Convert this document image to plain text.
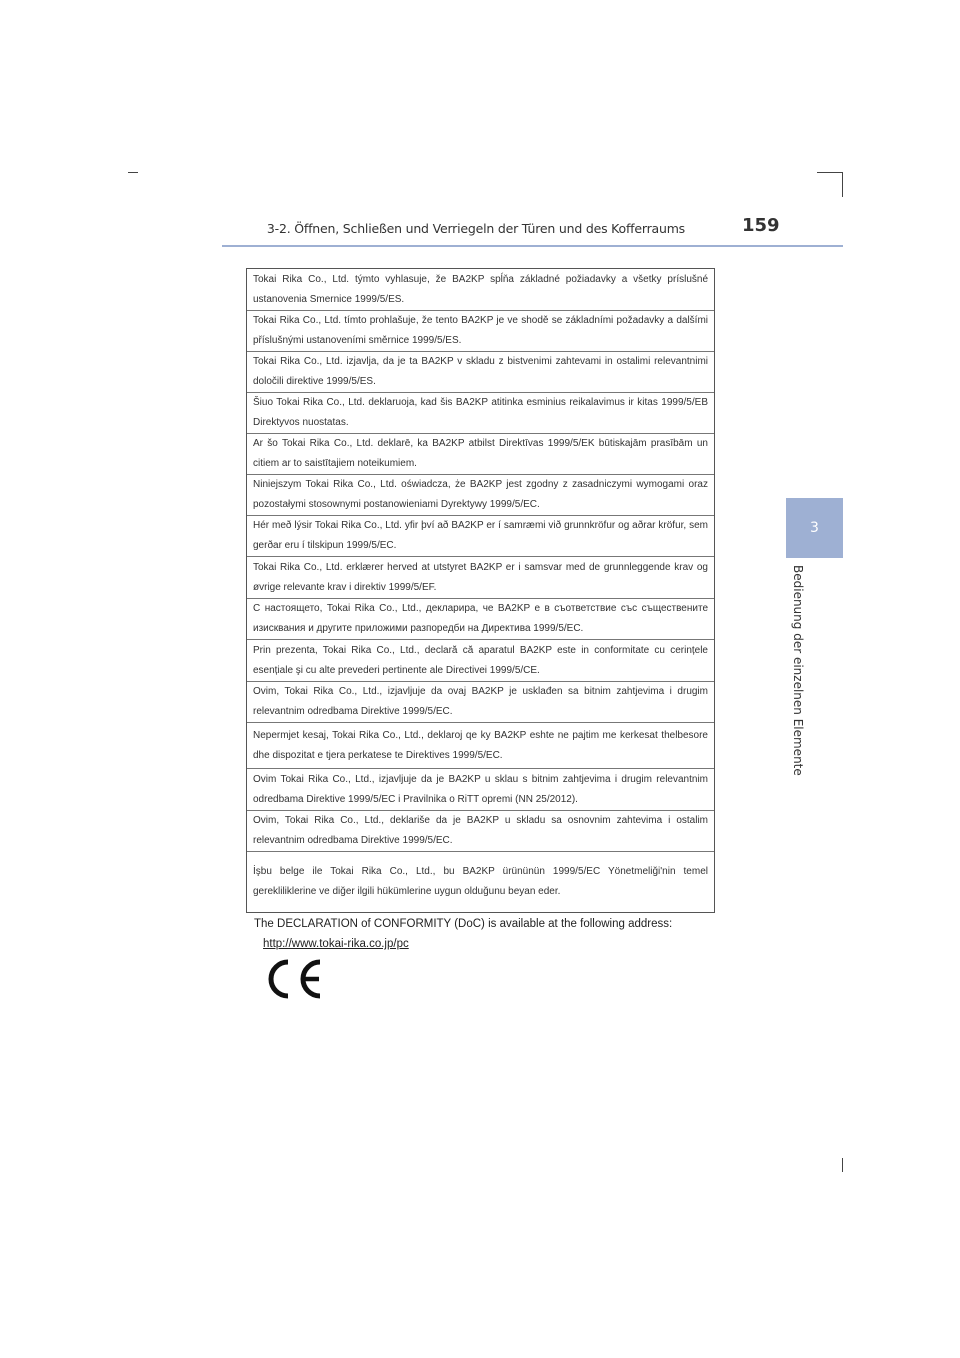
3-2. Öffnen, Schließen und Verriegeln der Türen und des Kofferraums	159
3
Bedienung der einzelnen Elemente
Tokai Rika Co., Ltd. týmto vyhlasuje, že BA2KP spĺňa základné požiadavky a všetky príslušné ustanovenia Smernice 1999/5/ES.
Tokai Rika Co., Ltd. tímto prohlašuje, že tento BA2KP je ve shodě se základními požadavky a dalšími příslušnými ustanoveními směrnice 1999/5/ES.
Tokai Rika Co., Ltd. izjavlja, da je ta BA2KP v skladu z bistvenimi zahtevami in ostalimi relevantnimi določili direktive 1999/5/ES.
Šiuo Tokai Rika Co., Ltd. deklaruoja, kad šis BA2KP atitinka esminius reikalavimus ir kitas 1999/5/EB Direktyvos nuostatas.
Ar šo Tokai Rika Co., Ltd. deklarē, ka BA2KP atbilst Direktīvas 1999/5/EK būtiskajām prasībām un citiem ar to saistītajiem noteikumiem.
Niniejszym Tokai Rika Co., Ltd. oświadcza, że BA2KP jest zgodny z zasadniczymi wymogami oraz pozostałymi stosownymi postanowieniami Dyrektywy 1999/5/EC.
Hér með lýsir Tokai Rika Co., Ltd. yfir því að BA2KP er í samræmi við grunnkröfur og aðrar kröfur, sem gerðar eru í tilskipun 1999/5/EC.
Tokai Rika Co., Ltd. erklærer herved at utstyret BA2KP er i samsvar med de grunnleggende krav og øvrige relevante krav i direktiv 1999/5/EF.
С настоящето, Tokai Rika Co., Ltd., декларира, че BA2KP е в съответствие със съществените изисквания и другите приложими разпоредби на Директива 1999/5/ЕС.
Prin prezenta, Tokai Rika Co., Ltd., declară că aparatul BA2KP este in conformitate cu cerințele esențiale şi cu alte prevederi pertinente ale Directivei 1999/5/CE.
Ovim, Tokai Rika Co., Ltd., izjavljuje da ovaj BA2KP je usklađen sa bitnim zahtjevima i drugim relevantnim odredbama Direktive 1999/5/EC.
Nepermjet kesaj, Tokai Rika Co., Ltd., deklaroj qe ky BA2KP eshte ne pajtim me kerkesat thelbesore dhe dispozitat e tjera perkatese te Direktives 1999/5/EC.
Ovim Tokai Rika Co., Ltd., izjavljuje da je BA2KP u sklau s bitnim zahtjevima i drugim relevantnim odredbama Direktive 1999/5/EC i Pravilnika o RiTT opremi (NN 25/2012).
Ovim, Tokai Rika Co., Ltd., deklariše da je BA2KP u skladu sa osnovnim zahtevima i ostalim relevantnim odredbama Direktive 1999/5/EC.
İşbu belge ile Tokai Rika Co., Ltd., bu BA2KP ürününün 1999/5/EC Yönetmeliği'nin temel gerekliliklerine ve diğer ilgili hükümlerine uygun olduğunu beyan eder.
The DECLARATION of CONFORMITY (DoC) is available at the following address:
http://www.tokai-rika.co.jp/pc
